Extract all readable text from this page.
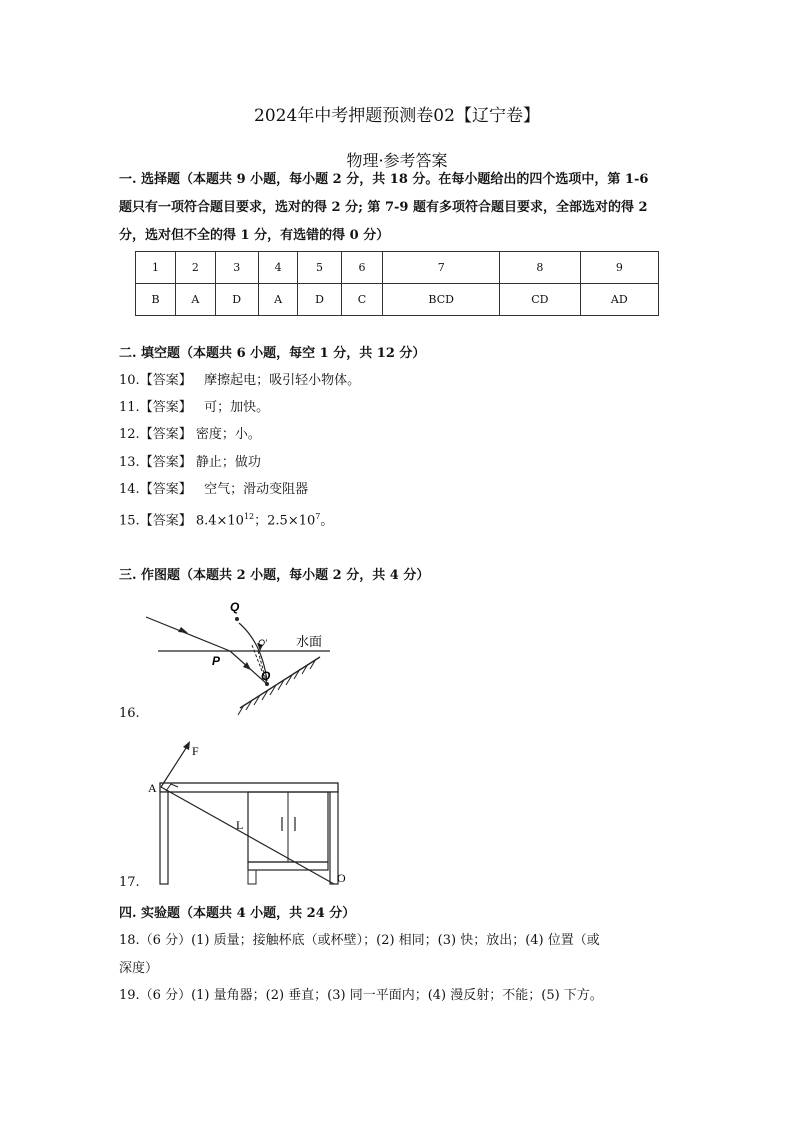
2024年中考押题预测卷02【辽宁卷】
物理·参考答案
一. 选择题（本题共 9 小题，每小题 2 分，共 18 分。在每小题给出的四个选项中，第 1-6
题只有一项符合题目要求，选对的得 2 分; 第 7-9 题有多项符合题目要求，全部选对的得 2
分，选对但不全的得 1 分，有选错的得 0 分）
1	2	3	4	5	6	7	8	9
B	A	D	A	D	C	BCD	CD	AD
二. 填空题（本题共 6 小题，每空 1 分，共 12 分）
10.【答案】 摩擦起电；吸引轻小物体。
11.【答案】 可；加快。
12.【答案】 密度；小。
13.【答案】 静止；做功
14.【答案】 空气；滑动变阻器
15.【答案】 $8.4\times 10^{12}$；$2.5\times 10^7$。
三. 作图题（本题共 2 小题，每小题 2 分，共 4 分）
Q
O′ 水面
P
O
16.
F
A
L
O
17.
四. 实验题（本题共 4 小题，共 24 分）
18.（6 分）(1) 质量；接触杯底（或杯壁）；(2) 相同；(3) 快；放出；(4) 位置（或
深度）
19.（6 分）(1) 量角器；(2) 垂直；(3) 同一平面内；(4) 漫反射；不能；(5) 下方。
